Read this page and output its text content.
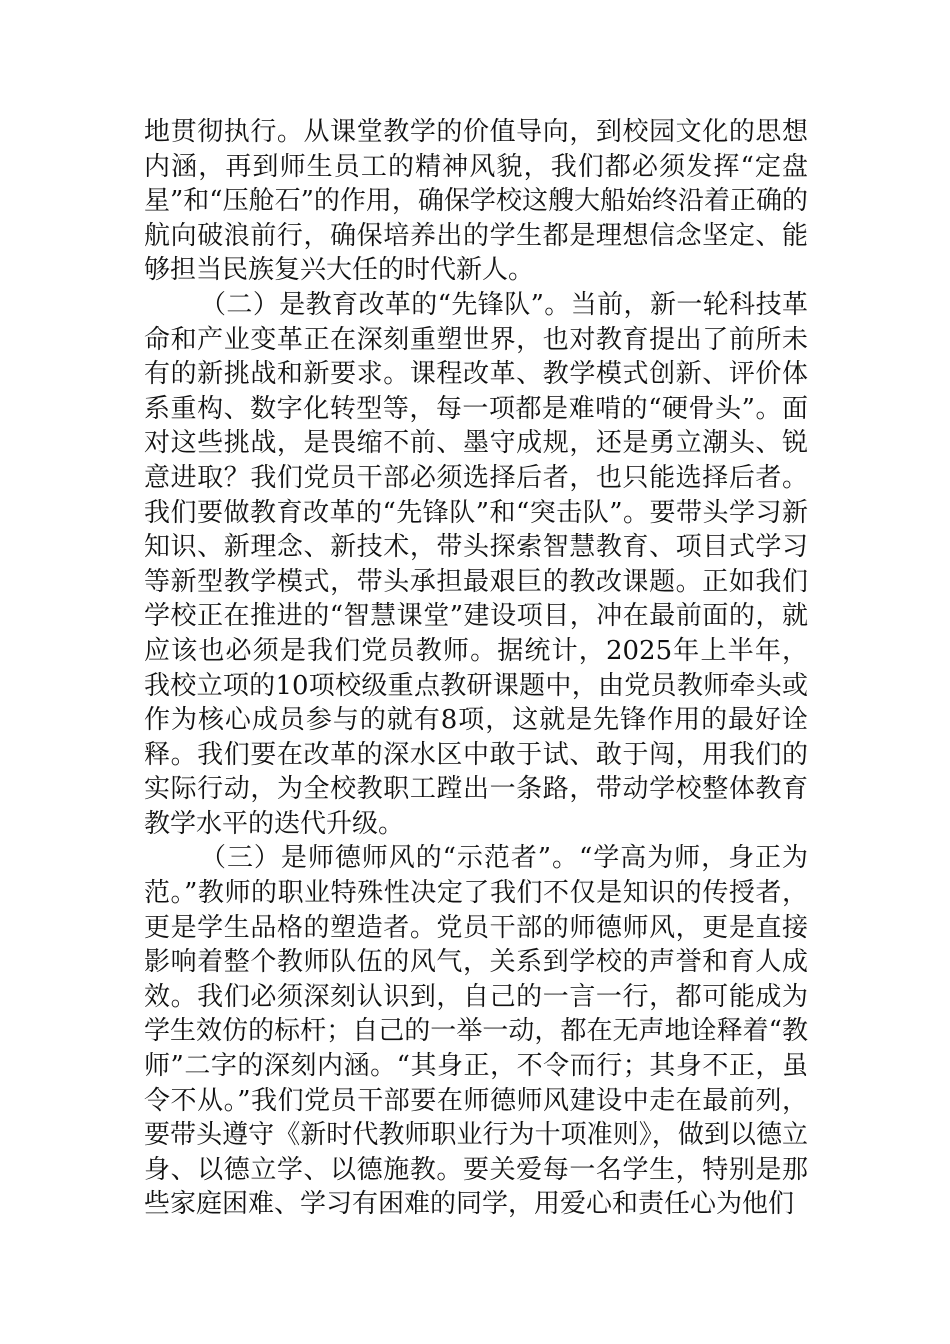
地贯彻执行。从课堂教学的价值导向，到校园文化的思想内涵，再到师生员工的精神风貌，我们都必须发挥“定盘星”和“压舱石”的作用，确保学校这艘大船始终沿着正确的航向破浪前行，确保培养出的学生都是理想信念坚定、能够担当民族复兴大任的时代新人。

（二）是教育改革的“先锋队”。当前，新一轮科技革命和产业变革正在深刻重塑世界，也对教育提出了前所未有的新挑战和新要求。课程改革、教学模式创新、评价体系重构、数字化转型等，每一项都是难啃的“硬骨头”。面对这些挑战，是畏缩不前、墨守成规，还是勇立潮头、锐意进取？我们党员干部必须选择后者，也只能选择后者。我们要做教育改革的“先锋队”和“突击队”。要带头学习新知识、新理念、新技术，带头探索智慧教育、项目式学习等新型教学模式，带头承担最艰巨的教改课题。正如我们学校正在推进的“智慧课堂”建设项目，冲在最前面的，就应该也必须是我们党员教师。据统计，2025年上半年，我校立项的10项校级重点教研课题中，由党员教师牵头或作为核心成员参与的就有8项，这就是先锋作用的最好诠释。我们要在改革的深水区中敢于试、敢于闯，用我们的实际行动，为全校教职工蹚出一条路，带动学校整体教育教学水平的迭代升级。

（三）是师德师风的“示范者”。“学高为师，身正为范。”教师的职业特殊性决定了我们不仅是知识的传授者，更是学生品格的塑造者。党员干部的师德师风，更是直接影响着整个教师队伍的风气，关系到学校的声誉和育人成效。我们必须深刻认识到，自己的一言一行，都可能成为学生效仿的标杆；自己的一举一动，都在无声地诠释着“教师”二字的深刻内涵。“其身正，不令而行；其身不正，虽令不从。”我们党员干部要在师德师风建设中走在最前列，要带头遵守《新时代教师职业行为十项准则》，做到以德立身、以德立学、以德施教。要关爱每一名学生，特别是那些家庭困难、学习有困难的同学，用爱心和责任心为他们
